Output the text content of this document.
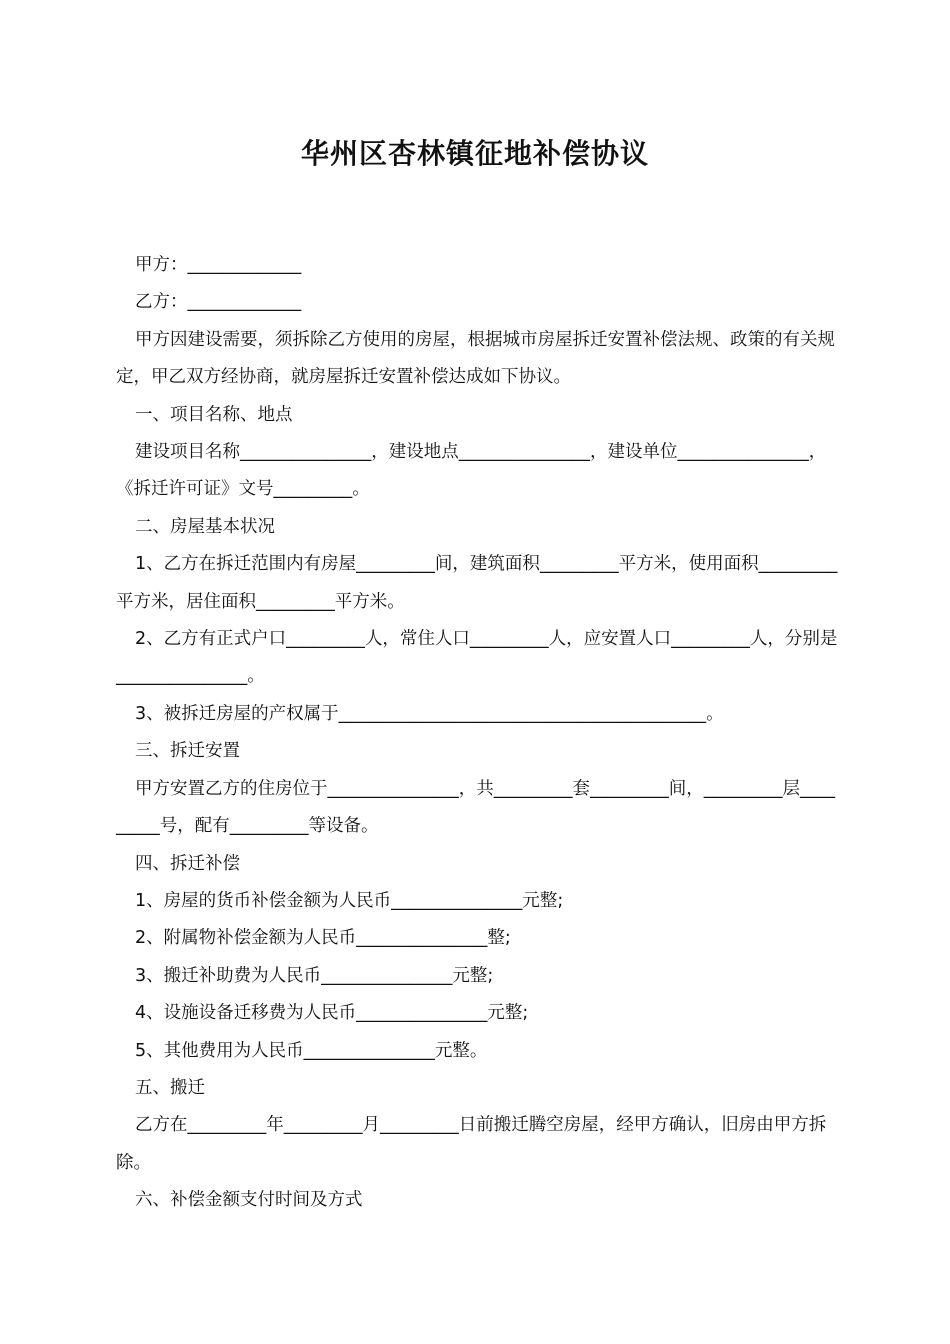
华州区杏林镇征地补偿协议

甲方：_____________

乙方：_____________

甲方因建设需要，须拆除乙方使用的房屋，根据城市房屋拆迁安置补偿法规、政策的有关规定，甲乙双方经协商，就房屋拆迁安置补偿达成如下协议。

一、项目名称、地点

建设项目名称_______________，建设地点_______________，建设单位_______________，《拆迁许可证》文号_________。

二、房屋基本状况

1、乙方在拆迁范围内有房屋_________间，建筑面积_________平方米，使用面积_________平方米，居住面积_________平方米。

2、乙方有正式户口_________人，常住人口_________人，应安置人口_________人，分别是_______________。

3、被拆迁房屋的产权属于__________________________________________。

三、拆迁安置

甲方安置乙方的住房位于_______________，共_________套_________间，_________层_________号，配有_________等设备。

四、拆迁补偿

1、房屋的货币补偿金额为人民币_______________元整;

2、附属物补偿金额为人民币_______________整;

3、搬迁补助费为人民币_______________元整;

4、设施设备迁移费为人民币_______________元整;

5、其他费用为人民币_______________元整。

五、搬迁

乙方在_________年_________月_________日前搬迁腾空房屋，经甲方确认，旧房由甲方拆除。

六、补偿金额支付时间及方式
